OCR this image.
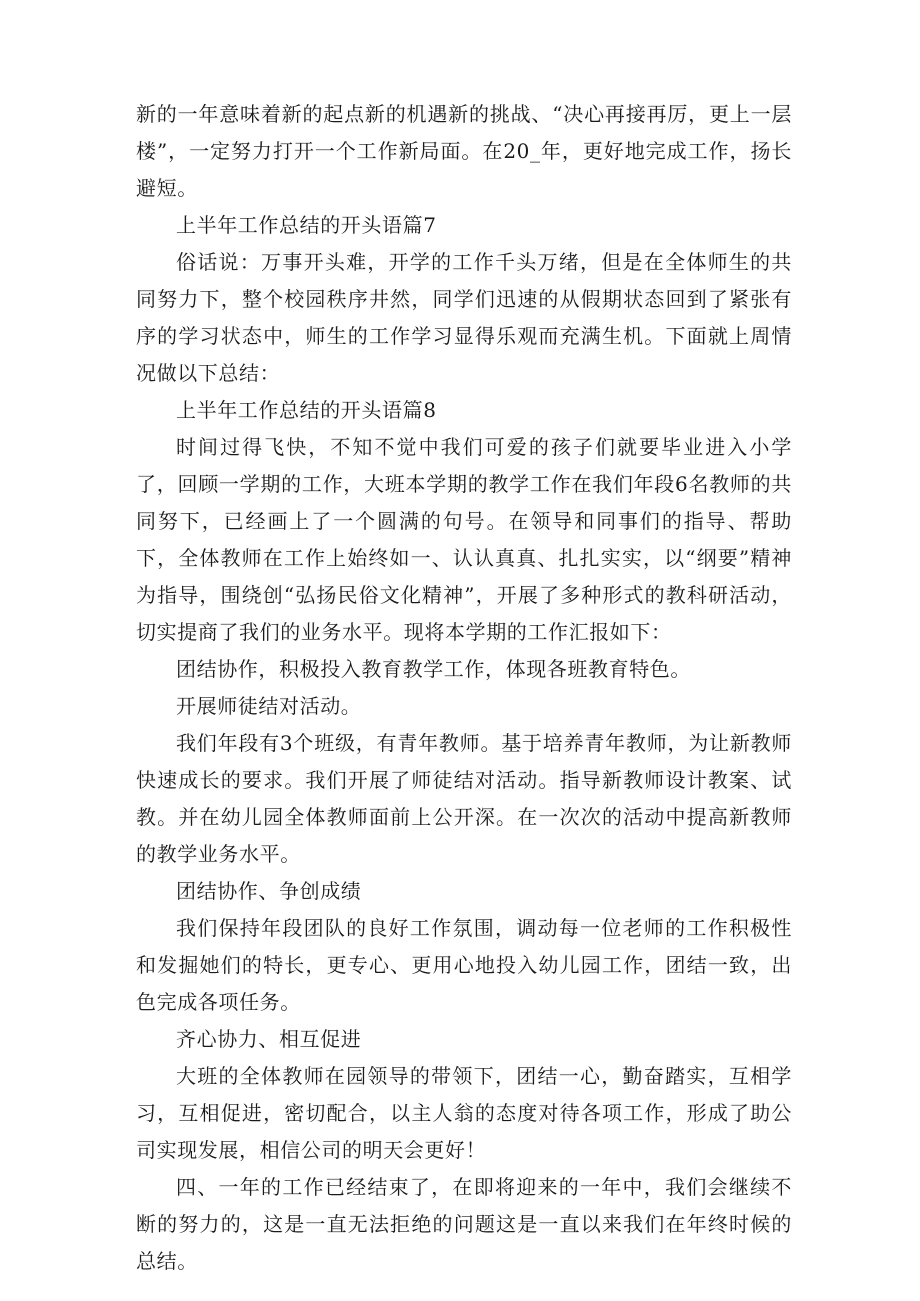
新的一年意味着新的起点新的机遇新的挑战、“决心再接再厉，更上一层楼”，一定努力打开一个工作新局面。在20_年，更好地完成工作，扬长避短。

上半年工作总结的开头语篇7

俗话说：万事开头难，开学的工作千头万绪，但是在全体师生的共同努力下，整个校园秩序井然，同学们迅速的从假期状态回到了紧张有序的学习状态中，师生的工作学习显得乐观而充满生机。下面就上周情况做以下总结：

上半年工作总结的开头语篇8

时间过得飞快，不知不觉中我们可爱的孩子们就要毕业进入小学了，回顾一学期的工作，大班本学期的教学工作在我们年段6名教师的共同努下，已经画上了一个圆满的句号。在领导和同事们的指导、帮助下，全体教师在工作上始终如一、认认真真、扎扎实实，以“纲要”精神为指导，围绕创“弘扬民俗文化精神”，开展了多种形式的教科研活动，切实提商了我们的业务水平。现将本学期的工作汇报如下：

团结协作，积极投入教育教学工作，体现各班教育特色。

开展师徒结对活动。

我们年段有3个班级，有青年教师。基于培养青年教师，为让新教师快速成长的要求。我们开展了师徒结对活动。指导新教师设计教案、试教。并在幼儿园全体教师面前上公开深。在一次次的活动中提高新教师的教学业务水平。

团结协作、争创成绩

我们保持年段团队的良好工作氛围，调动每一位老师的工作积极性和发掘她们的特长，更专心、更用心地投入幼儿园工作，团结一致，出色完成各项任务。

齐心协力、相互促进

大班的全体教师在园领导的带领下，团结一心，勤奋踏实，互相学习，互相促进，密切配合，以主人翁的态度对待各项工作，形成了助公司实现发展，相信公司的明天会更好！

四、一年的工作已经结束了，在即将迎来的一年中，我们会继续不断的努力的，这是一直无法拒绝的问题这是一直以来我们在年终时候的总结。
